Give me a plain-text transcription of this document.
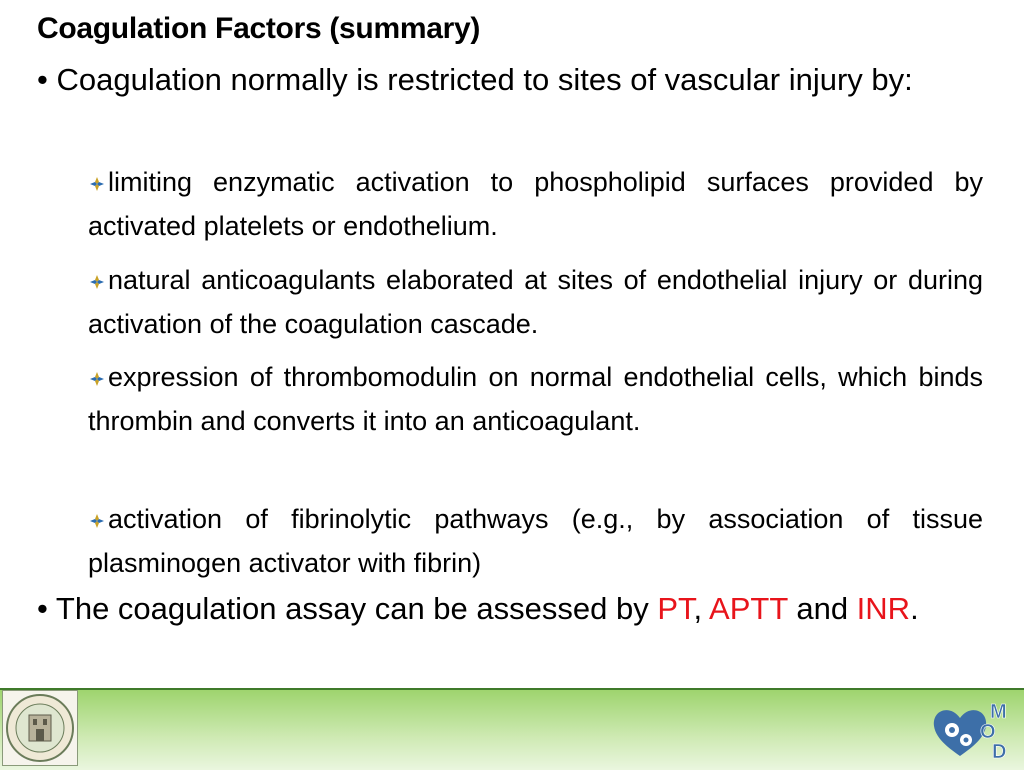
Coagulation Factors (summary)

• Coagulation normally is restricted to sites of vascular injury by:

limiting enzymatic activation to phospholipid surfaces provided by activated platelets or endothelium.

natural anticoagulants elaborated at sites of endothelial injury or during activation of the coagulation cascade.

expression of thrombomodulin on normal endothelial cells, which binds thrombin and converts it into an anticoagulant.

activation of fibrinolytic pathways (e.g., by association of tissue plasminogen activator with fibrin)

• The coagulation assay can be assessed by PT, APTT and INR.

M
O
D
